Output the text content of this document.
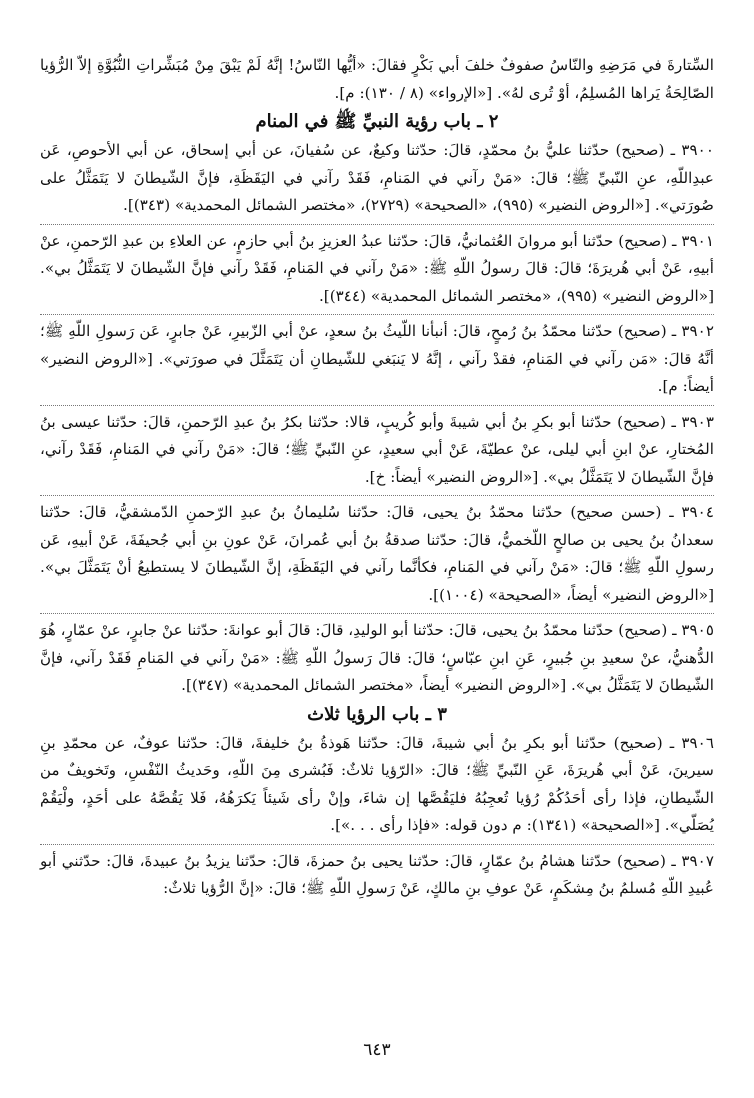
السِّتارةَ في مَرَضِهِ والنّاسُ صفوفٌ خلفَ أبي بَكْرٍ فقالَ: «أيُّها النّاسُ! إنَّهُ لَمْ يَبْقَ مِنْ مُبَشِّراتِ النُّبُوَّةِ إلاّ الرُّؤيا الصّالِحَةُ يَراها المُسلِمُ، أوْ تُرى لهُ». [«الإرواء» (٨ / ١٣٠): م].

٢ ـ باب رؤية النبيِّ ﷺ في المنام

٣٩٠٠ ـ (صحيح) حدّثنا عليُّ بنُ محمّدٍ، قالَ: حدّثنا وكيعٌ، عن سُفيانَ، عن أبي إسحاق، عن أبي الأحوصِ، عَن عبدِاللّهِ، عنِ النّبيِّ ﷺ؛ قالَ: «مَنْ رآني في المَنامِ، فَقَدْ رآني في اليَقَظَةِ، فإنَّ الشّيطانَ لا يَتَمَثَّلُ على صُورَتي». [«الروض النضير» (٩٩٥)، «الصحيحة» (٢٧٢٩)، «مختصر الشمائل المحمدية» (٣٤٣)].

٣٩٠١ ـ (صحيح) حدّثنا أبو مروانَ العُثمانيُّ، قالَ: حدّثنا عبدُ العزيزِ بنُ أبي حازمٍ، عن العلاءِ بن عبدِ الرّحمنِ، عنْ أبيهِ، عَنْ أبي هُريرَةَ؛ قالَ: قالَ رسولُ اللّهِ ﷺ: «مَنْ رآني في المَنامِ، فَقَدْ رآني فإنَّ الشّيطانَ لا يَتَمَثَّلُ بي». [«الروض النضير» (٩٩٥)، «مختصر الشمائل المحمدية» (٣٤٤)].

٣٩٠٢ ـ (صحيح) حدّثنا محمّدُ بنُ رُمحٍ، قالَ: أنبأنا اللّيثُ بنُ سعدٍ، عنْ أبي الزّبيرِ، عَنْ جابرٍ، عَن رَسولِ اللّهِ ﷺ؛ أنَّهُ قالَ: «مَن رآني في المَنامِ، فقدْ رآني ، إنَّهُ لا يَنبَغي للشّيطانِ أن يَتَمَثَّلَ في صورَتي». [«الروض النضير» أيضاً: م].

٣٩٠٣ ـ (صحيح) حدّثنا أبو بكرِ بنُ أبي شيبةَ وأبو كُريبٍ، قالا: حدّثنا بكرُ بنُ عبدِ الرّحمنِ، قالَ: حدّثنا عيسى بنُ المُختارِ، عنْ ابنِ أبي ليلى، عنْ عطيّةَ، عَنْ أبي سعيدٍ، عنِ النّبيِّ ﷺ؛ قالَ: «مَنْ رآني في المَنامِ، فَقَدْ رآني، فإنَّ الشّيطانَ لا يَتَمَثَّلُ بي». [«الروض النضير» أيضاً: خ].

٣٩٠٤ ـ (حسن صحيح) حدّثنا محمّدُ بنُ يحيى، قالَ: حدّثنا سُليمانُ بنُ عبدِ الرّحمنِ الدّمشقيُّ، قالَ: حدّثنا سعدانُ بنُ يحيى بن صالحٍ اللّخميُّ، قالَ: حدّثنا صدقةُ بنُ أبي عُمرانَ، عَنْ عونِ بنِ أبي جُحيفَةَ، عَنْ أبيهِ، عَن رسولِ اللّهِ ﷺ؛ قالَ: «مَنْ رآني في المَنامِ، فكأنَّما رآني في اليَقَظَةِ، إنَّ الشّيطانَ لا يستطيعُ أنْ يَتَمَثَّلَ بي». [«الروض النضير» أيضاً، «الصحيحة» (١٠٠٤)].

٣٩٠٥ ـ (صحيح) حدّثنا محمّدُ بنُ يحيى، قالَ: حدّثنا أبو الوليدِ، قالَ: قالَ أبو عوانةَ: حدّثنا عنْ جابرٍ، عنْ عمّارٍ، هُوَ الدُّهنيُّ، عنْ سعيدِ بنِ جُبيرٍ، عَنِ ابنِ عبّاسٍ؛ قالَ: قالَ رَسولُ اللّهِ ﷺ: «مَنْ رآني في المَنامِ فَقَدْ رآني، فإنَّ الشّيطانَ لا يَتَمَثَّلُ بي». [«الروض النضير» أيضاً، «مختصر الشمائل المحمدية» (٣٤٧)].

٣ ـ باب الرؤيا ثلاث

٣٩٠٦ ـ (صحيح) حدّثنا أبو بكرِ بنُ أبي شيبةَ، قالَ: حدّثنا هَوذةُ بنُ خليفةَ، قالَ: حدّثنا عوفٌ، عن محمّدِ بنِ سيرينَ، عَنْ أبي هُريرَةَ، عَنِ النّبيِّ ﷺ؛ قالَ: «الرّؤيا ثلاثٌ: فَبُشرى مِنَ اللّهِ، وحَديثُ النّفْسِ، وتَخويفٌ من الشّيطانِ، فإذا رأى أحَدُكُمْ رُؤيا تُعجِبُهُ فليَقُصَّها إن شاءَ، وإنْ رأى شَيئاً يَكرَهُهُ، فَلا يَقُصَّهُ على أحَدٍ، ولْيَقُمْ يُصَلّي». [«الصحيحة» (١٣٤١): م دون قوله: «فإذا رأى . . .»].

٣٩٠٧ ـ (صحيح) حدّثنا هشامُ بنُ عمّارٍ، قالَ: حدّثنا يحيى بنُ حمزةَ، قالَ: حدّثنا يزيدُ بنُ عبيدةَ، قالَ: حدّثني أبو عُبيدِ اللّهِ مُسلمُ بنُ مِشكَمٍ، عَنْ عوفِ بنِ مالكٍ، عَنْ رَسولِ اللّهِ ﷺ؛ قالَ: «إنَّ الرُّؤيا ثلاثٌ:

٦٤٣
